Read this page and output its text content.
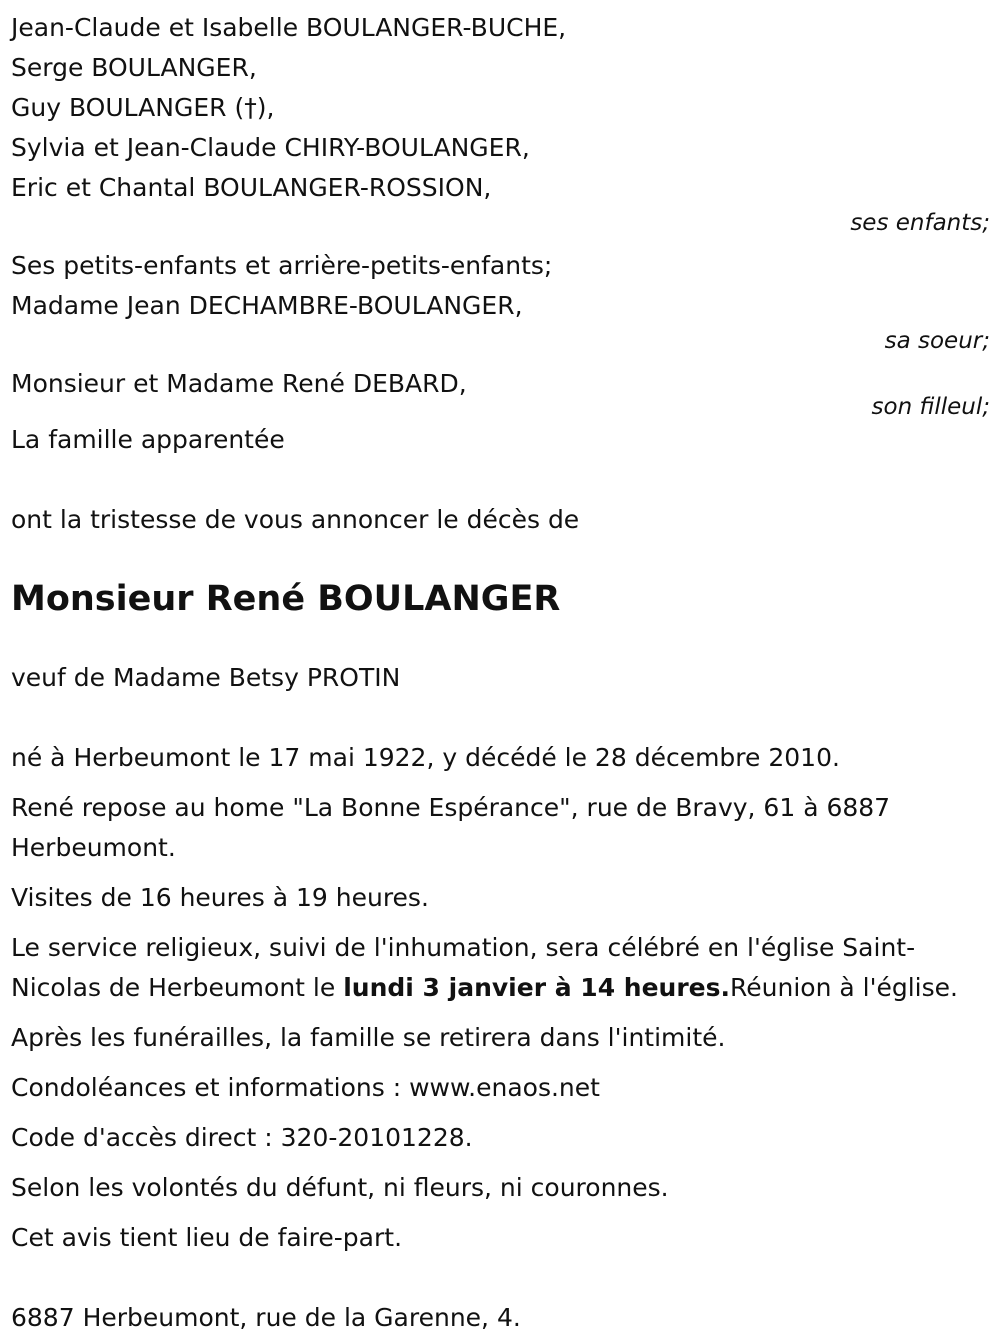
Jean-Claude et Isabelle BOULANGER-BUCHE,
Serge BOULANGER,
Guy BOULANGER (†),
Sylvia et Jean-Claude CHIRY-BOULANGER,
Eric et Chantal BOULANGER-ROSSION,
ses enfants;
Ses petits-enfants et arrière-petits-enfants;
Madame Jean DECHAMBRE-BOULANGER,
sa soeur;
Monsieur et Madame René DEBARD,
son filleul;
La famille apparentée
ont la tristesse de vous annoncer le décès de
Monsieur René BOULANGER
veuf de Madame Betsy PROTIN

né à Herbeumont le 17 mai 1922, y décédé le 28 décembre 2010.

René repose au home "La Bonne Espérance", rue de Bravy, 61 à 6887 Herbeumont.

Visites de 16 heures à 19 heures.

Le service religieux, suivi de l'inhumation, sera célébré en l'église Saint-Nicolas de Herbeumont le lundi 3 janvier à 14 heures.Réunion à l'église.

Après les funérailles, la famille se retirera dans l'intimité.

Condoléances et informations : www.enaos.net

Code d'accès direct : 320-20101228.

Selon les volontés du défunt, ni fleurs, ni couronnes.

Cet avis tient lieu de faire-part.

6887 Herbeumont, rue de la Garenne, 4.
